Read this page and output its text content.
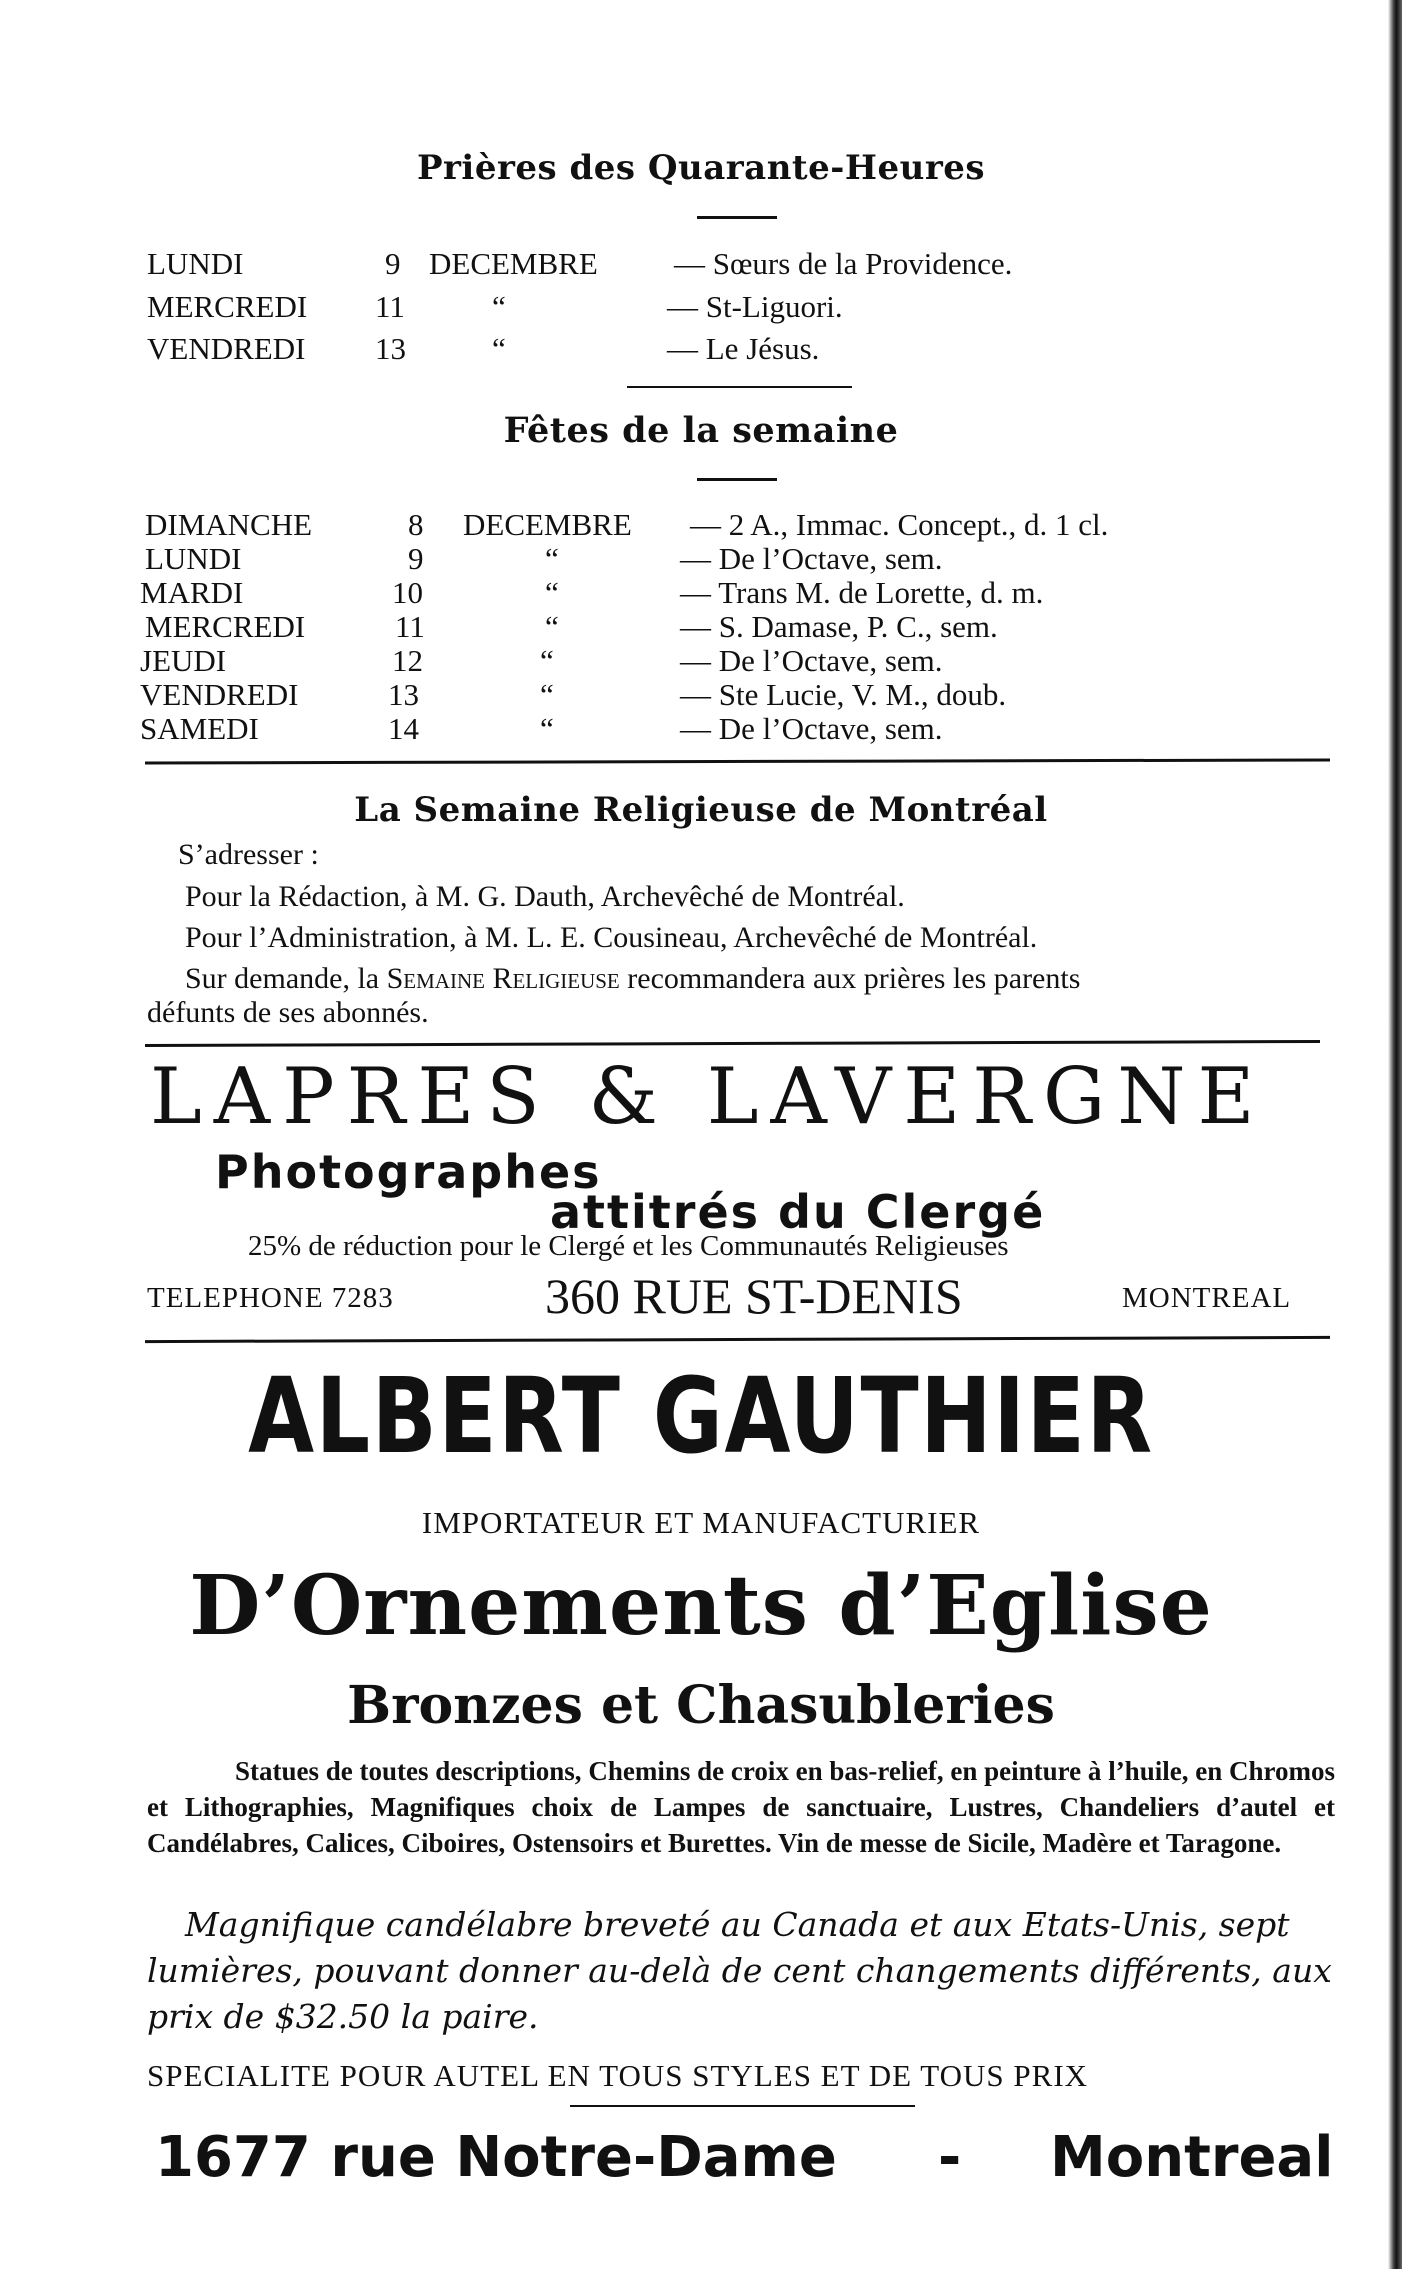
Prières des Quarante-Heures
LUNDI	9 DECEMBRE — Sœurs de la Providence.
MERCREDI 11	“	— St-Liguori.
VENDREDI 13	“	— Le Jésus.
Fêtes de la semaine
DIMANCHE	8 DECEMBRE — 2 A., Immac. Concept., d. 1 cl.
LUNDI	9	“	— De l’Octave, sem.
MARDI	10	“	— Trans M. de Lorette, d. m.
MERCREDI	11	“	— S. Damase, P. C., sem.
JEUDI	12	“	— De l’Octave, sem.
VENDREDI	13	“	— Ste Lucie, V. M., doub.
SAMEDI	14	“	— De l’Octave, sem.
La Semaine Religieuse de Montréal
S’adresser :
Pour la Rédaction, à M. G. Dauth, Archevêché de Montréal.
Pour l’Administration, à M. L. E. Cousineau, Archevêché de Montréal.
Sur demande, la Semaine Religieuse recommandera aux prières les parents
défunts de ses abonnés.
LAPRES & LAVERGNE
Photographes
attitrés du Clergé
25% de réduction pour le Clergé et les Communautés Religieuses
TELEPHONE 7283	360 RUE ST-DENIS	MONTREAL
ALBERT GAUTHIER
IMPORTATEUR ET MANUFACTURIER
D’Ornements d’Eglise
Bronzes et Chasubleries
Statues de toutes descriptions, Chemins de croix en bas-relief, en peinture à l’huile, en Chromos et Lithographies, Magnifiques choix de Lampes de sanctuaire, Lustres, Chandeliers d’autel et Candélabres, Calices, Ciboires, Ostensoirs et Burettes. Vin de messe de Sicile, Madère et Taragone.
Magnifique candélabre breveté au Canada et aux Etats-Unis, sept lumières, pouvant donner au-delà de cent changements différents, aux prix de $32.50 la paire.
SPECIALITE POUR AUTEL EN TOUS STYLES ET DE TOUS PRIX
1677 rue Notre-Dame - Montreal
